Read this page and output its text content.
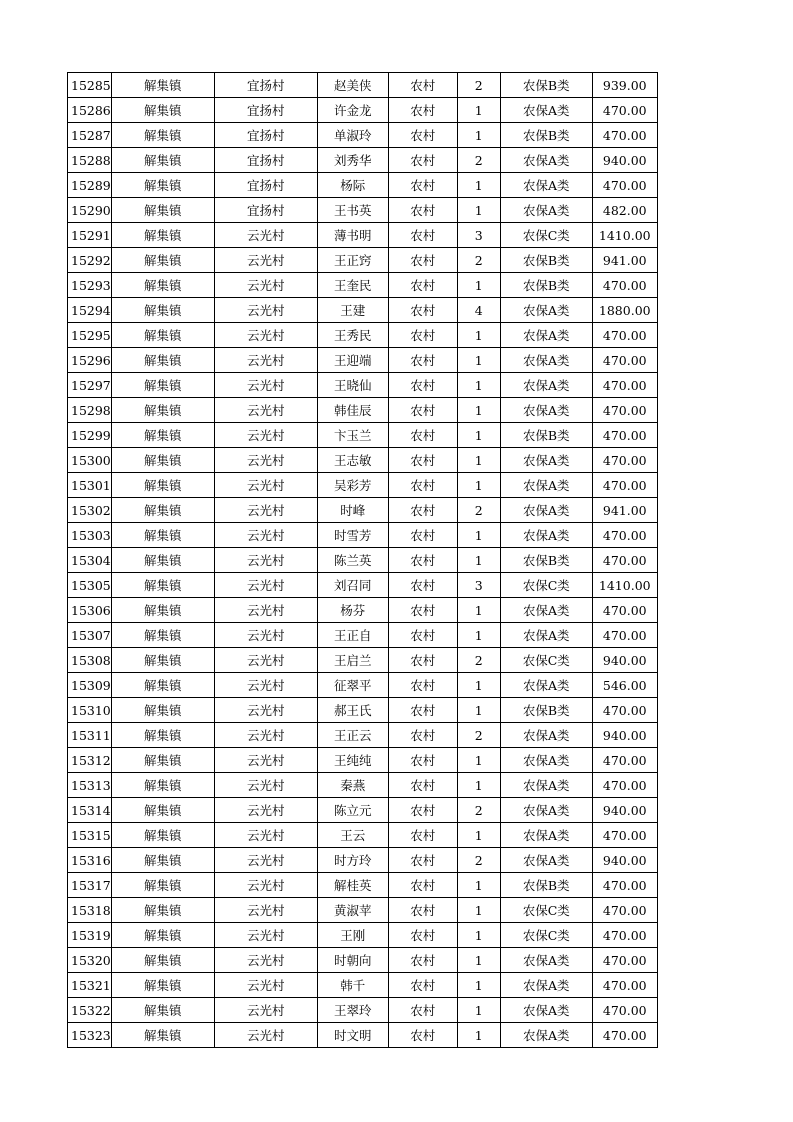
15285	解集镇	宜扬村	赵美侠	农村	2	农保B类	939.00
15286	解集镇	宜扬村	许金龙	农村	1	农保A类	470.00
15287	解集镇	宜扬村	单淑玲	农村	1	农保B类	470.00
15288	解集镇	宜扬村	刘秀华	农村	2	农保A类	940.00
15289	解集镇	宜扬村	杨际	农村	1	农保A类	470.00
15290	解集镇	宜扬村	王书英	农村	1	农保A类	482.00
15291	解集镇	云光村	薄书明	农村	3	农保C类	1410.00
15292	解集镇	云光村	王正窍	农村	2	农保B类	941.00
15293	解集镇	云光村	王奎民	农村	1	农保B类	470.00
15294	解集镇	云光村	王建	农村	4	农保A类	1880.00
15295	解集镇	云光村	王秀民	农村	1	农保A类	470.00
15296	解集镇	云光村	王迎端	农村	1	农保A类	470.00
15297	解集镇	云光村	王晓仙	农村	1	农保A类	470.00
15298	解集镇	云光村	韩佳辰	农村	1	农保A类	470.00
15299	解集镇	云光村	卞玉兰	农村	1	农保B类	470.00
15300	解集镇	云光村	王志敏	农村	1	农保A类	470.00
15301	解集镇	云光村	吴彩芳	农村	1	农保A类	470.00
15302	解集镇	云光村	时峰	农村	2	农保A类	941.00
15303	解集镇	云光村	时雪芳	农村	1	农保A类	470.00
15304	解集镇	云光村	陈兰英	农村	1	农保B类	470.00
15305	解集镇	云光村	刘召同	农村	3	农保C类	1410.00
15306	解集镇	云光村	杨芬	农村	1	农保A类	470.00
15307	解集镇	云光村	王正自	农村	1	农保A类	470.00
15308	解集镇	云光村	王启兰	农村	2	农保C类	940.00
15309	解集镇	云光村	征翠平	农村	1	农保A类	546.00
15310	解集镇	云光村	郝王氏	农村	1	农保B类	470.00
15311	解集镇	云光村	王正云	农村	2	农保A类	940.00
15312	解集镇	云光村	王纯纯	农村	1	农保A类	470.00
15313	解集镇	云光村	秦燕	农村	1	农保A类	470.00
15314	解集镇	云光村	陈立元	农村	2	农保A类	940.00
15315	解集镇	云光村	王云	农村	1	农保A类	470.00
15316	解集镇	云光村	时方玲	农村	2	农保A类	940.00
15317	解集镇	云光村	解桂英	农村	1	农保B类	470.00
15318	解集镇	云光村	黄淑苹	农村	1	农保C类	470.00
15319	解集镇	云光村	王刚	农村	1	农保C类	470.00
15320	解集镇	云光村	时朝向	农村	1	农保A类	470.00
15321	解集镇	云光村	韩千	农村	1	农保A类	470.00
15322	解集镇	云光村	王翠玲	农村	1	农保A类	470.00
15323	解集镇	云光村	时文明	农村	1	农保A类	470.00
